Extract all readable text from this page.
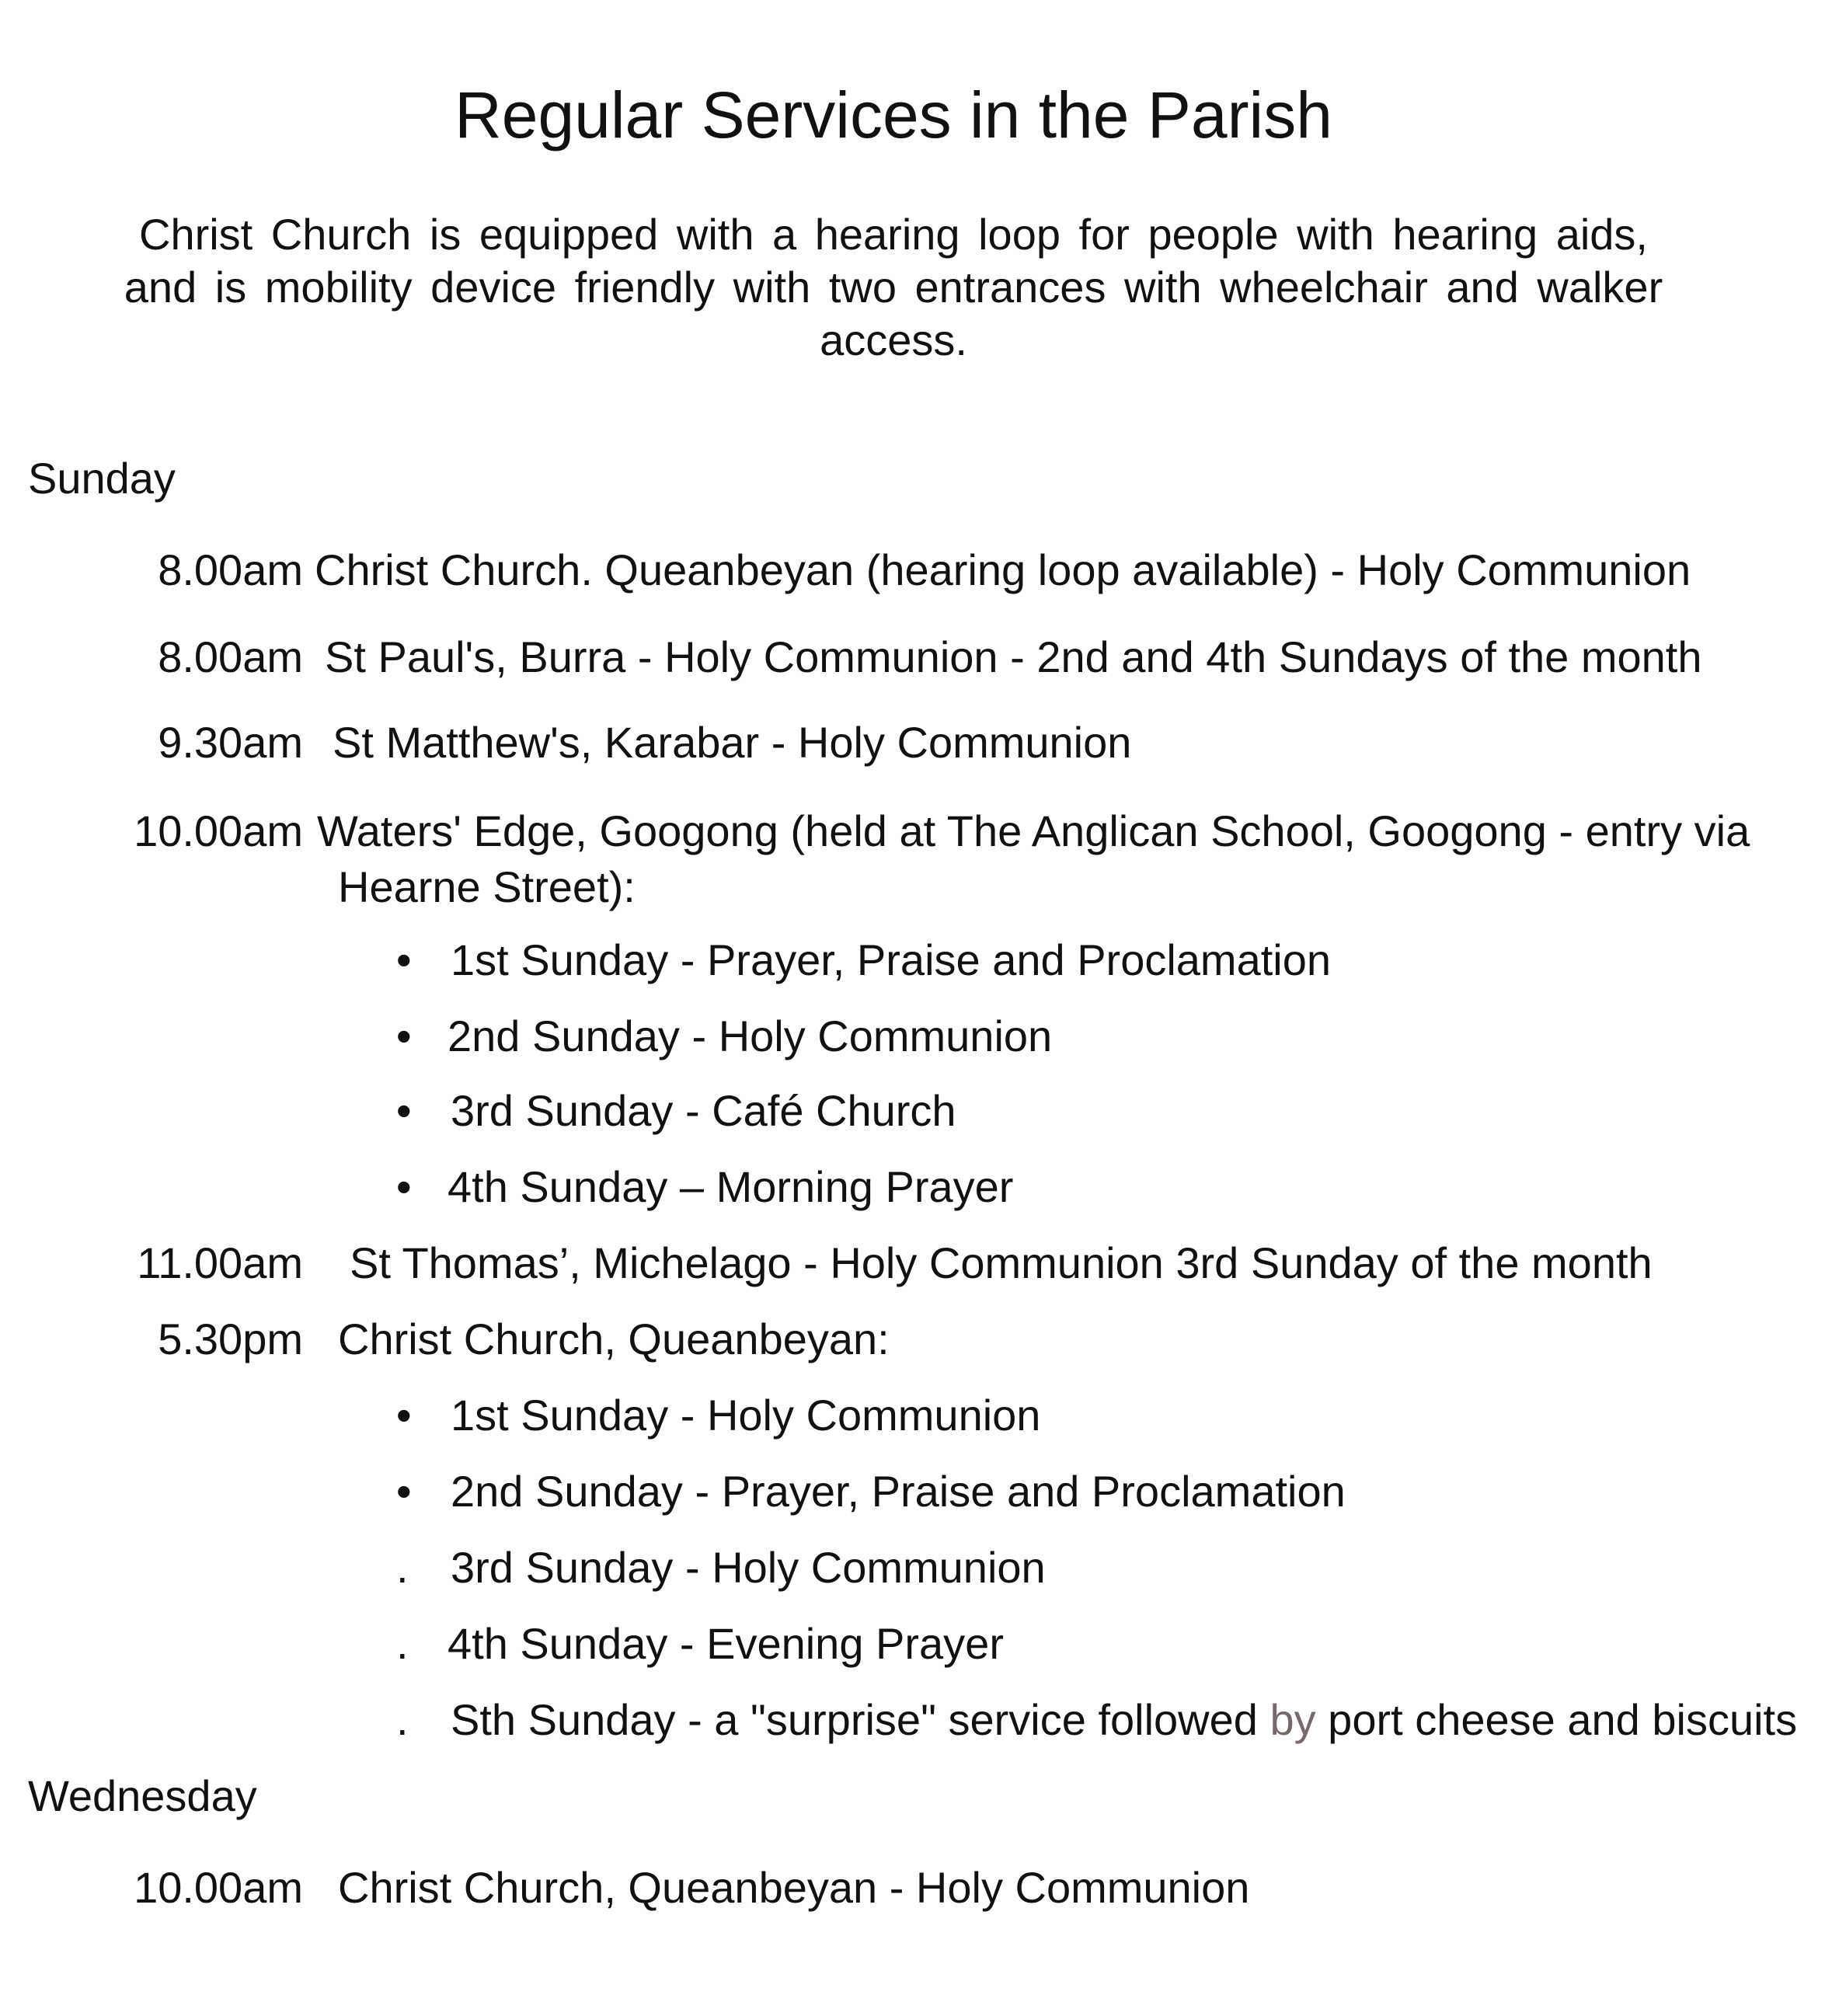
Regular Services in the Parish
Christ Church is equipped with a hearing loop for people with hearing aids,
and is mobility device friendly with two entrances with wheelchair and walker
access.
Sunday
8.00am Christ Church. Queanbeyan (hearing loop available) - Holy Communion
8.00am St Paul's, Burra - Holy Communion - 2nd and 4th Sundays of the month
9.30am St Matthew's, Karabar - Holy Communion
10.00am Waters' Edge, Googong (held at The Anglican School, Googong - entry via
Hearne Street):
• 1st Sunday - Prayer, Praise and Proclamation
• 2nd Sunday - Holy Communion
• 3rd Sunday - Café Church
• 4th Sunday – Morning Prayer
11.00am St Thomas’, Michelago - Holy Communion 3rd Sunday of the month
5.30pm Christ Church, Queanbeyan:
• 1st Sunday - Holy Communion
• 2nd Sunday - Prayer, Praise and Proclamation
. 3rd Sunday - Holy Communion
. 4th Sunday - Evening Prayer
. Sth Sunday - a "surprise" service followed by port cheese and biscuits
Wednesday
10.00am Christ Church, Queanbeyan - Holy Communion
